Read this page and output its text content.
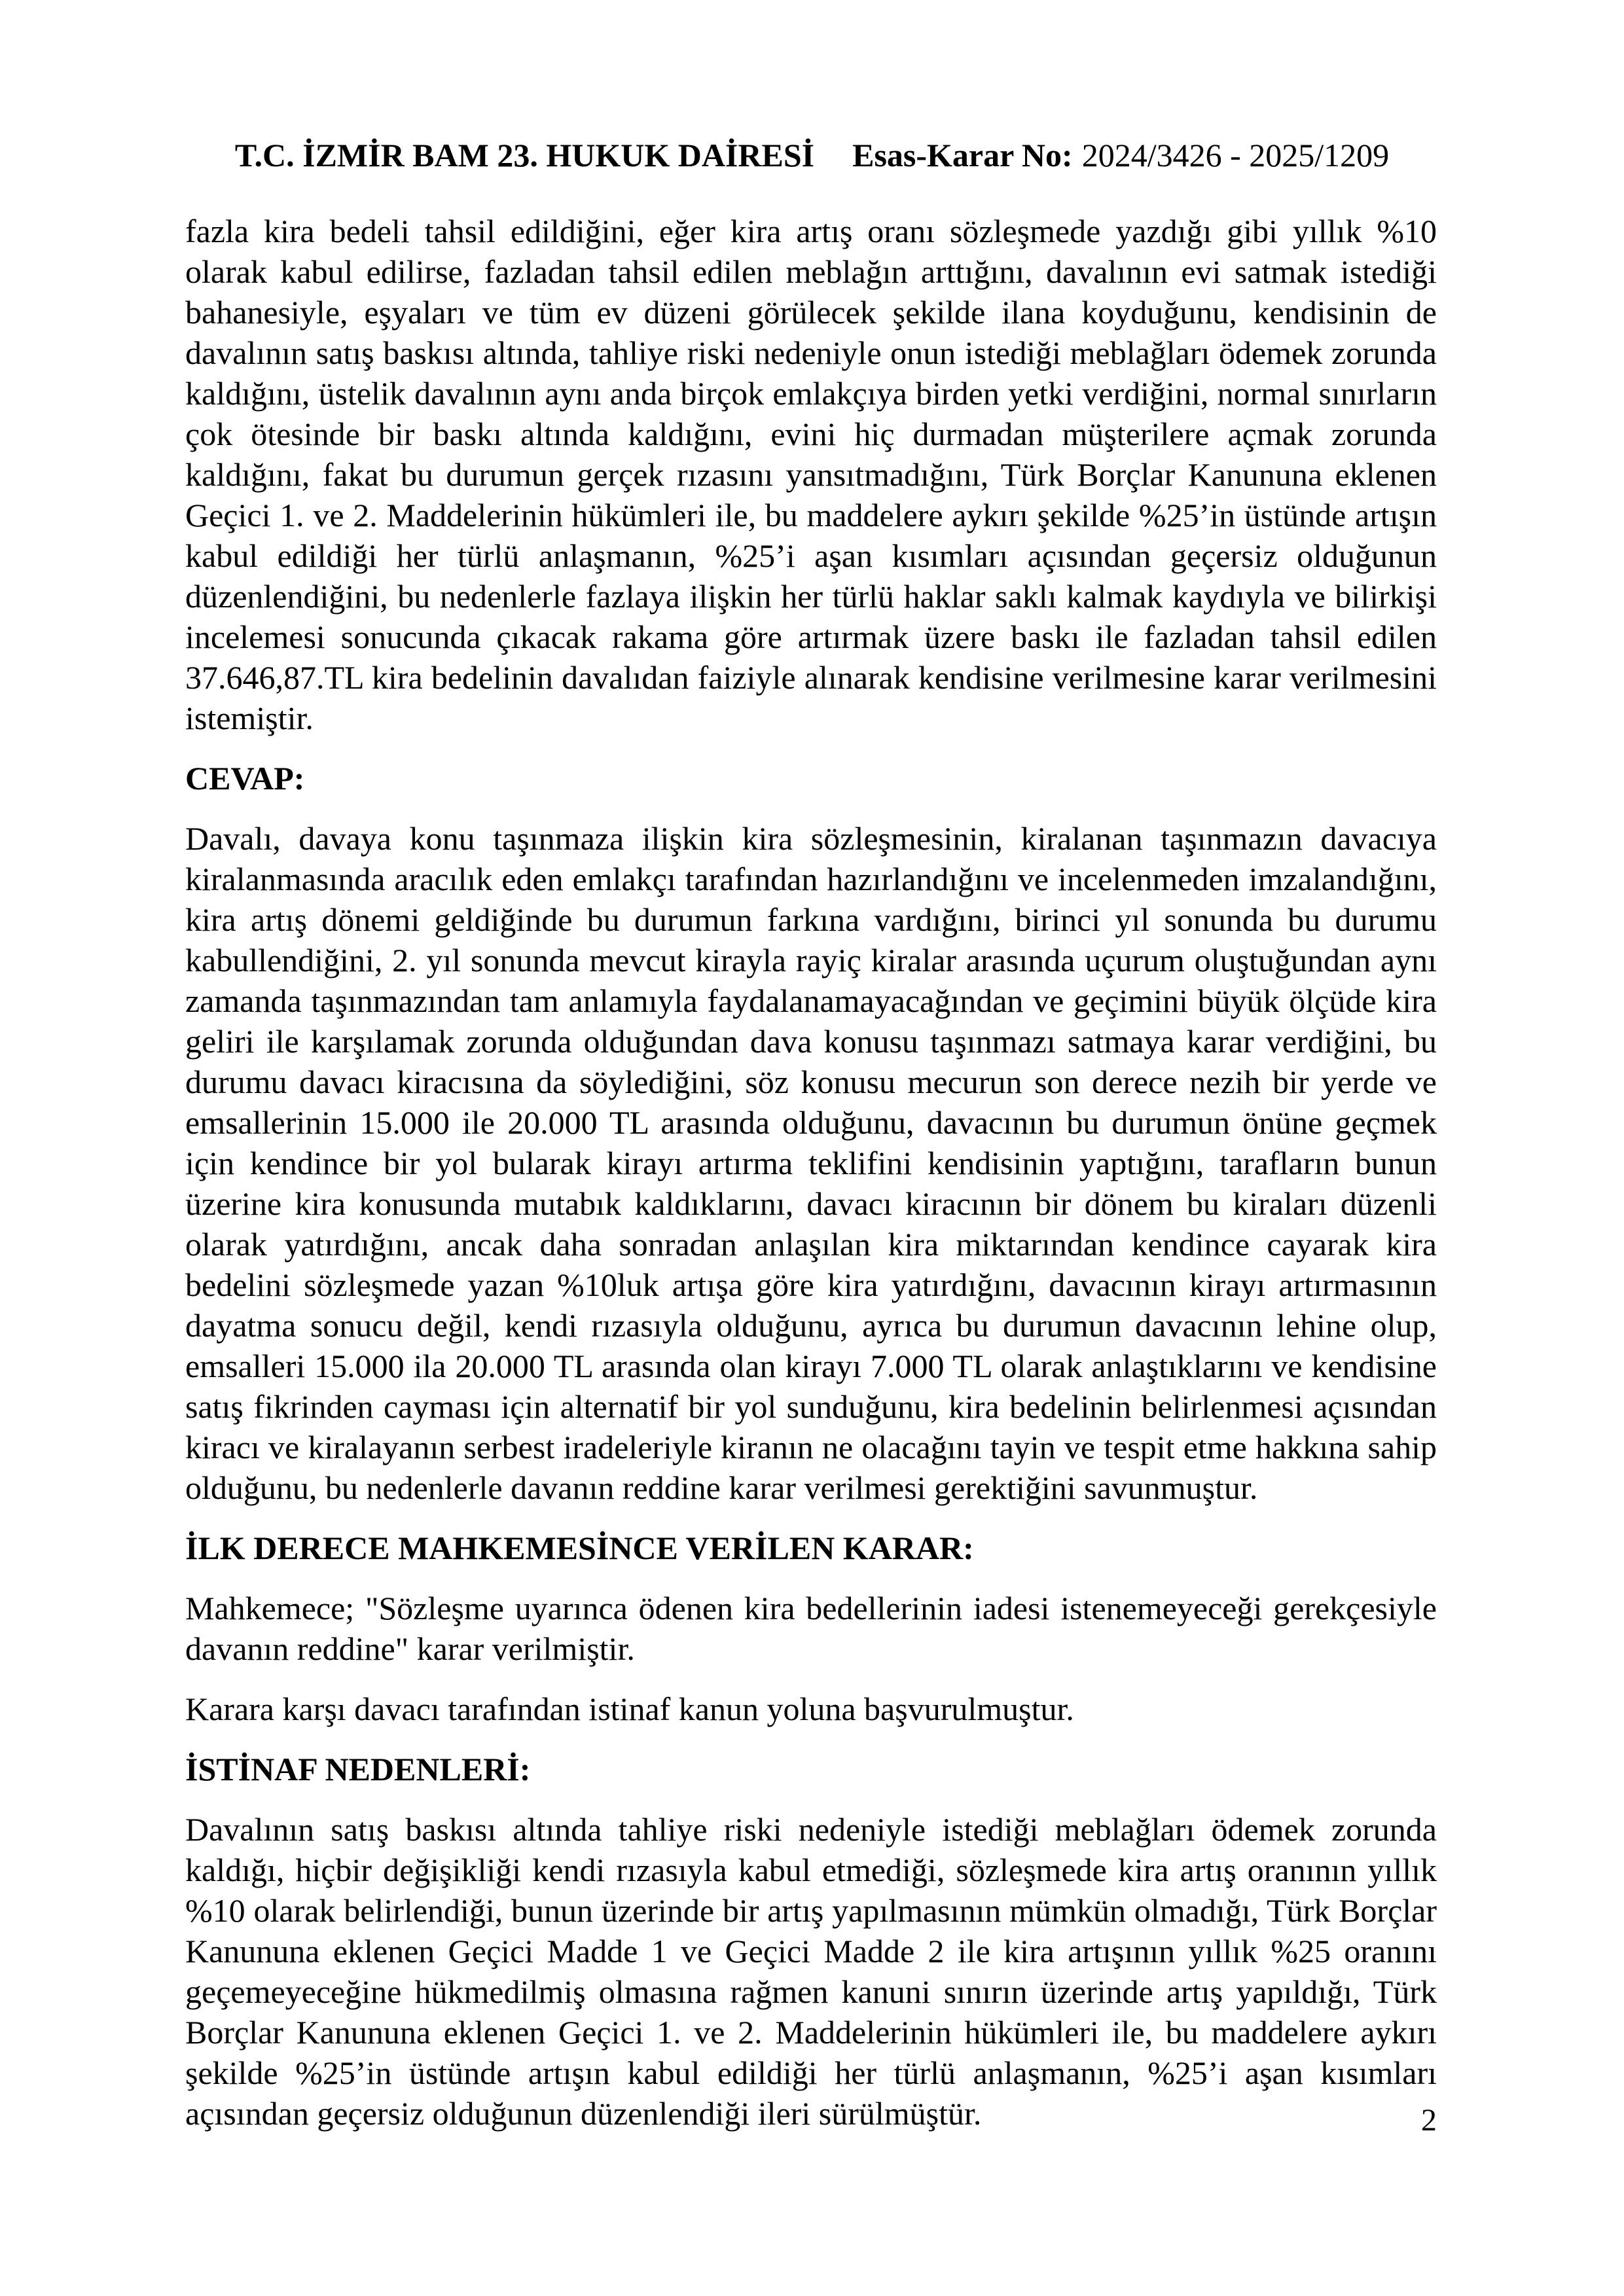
T.C. İZMİR BAM 23. HUKUK DAİRESİ Esas-Karar No: 2024/3426 - 2025/1209

fazla kira bedeli tahsil edildiğini, eğer kira artış oranı sözleşmede yazdığı gibi yıllık %10 olarak kabul edilirse, fazladan tahsil edilen meblağın arttığını, davalının evi satmak istediği bahanesiyle, eşyaları ve tüm ev düzeni görülecek şekilde ilana koyduğunu, kendisinin de davalının satış baskısı altında, tahliye riski nedeniyle onun istediği meblağları ödemek zorunda kaldığını, üstelik davalının aynı anda birçok emlakçıya birden yetki verdiğini, normal sınırların çok ötesinde bir baskı altında kaldığını, evini hiç durmadan müşterilere açmak zorunda kaldığını, fakat bu durumun gerçek rızasını yansıtmadığını, Türk Borçlar Kanununa eklenen Geçici 1. ve 2. Maddelerinin hükümleri ile, bu maddelere aykırı şekilde %25’in üstünde artışın kabul edildiği her türlü anlaşmanın, %25’i aşan kısımları açısından geçersiz olduğunun düzenlendiğini, bu nedenlerle fazlaya ilişkin her türlü haklar saklı kalmak kaydıyla ve bilirkişi incelemesi sonucunda çıkacak rakama göre artırmak üzere baskı ile fazladan tahsil edilen 37.646,87.TL kira bedelinin davalıdan faiziyle alınarak kendisine verilmesine karar verilmesini istemiştir.

CEVAP:

Davalı, davaya konu taşınmaza ilişkin kira sözleşmesinin, kiralanan taşınmazın davacıya kiralanmasında aracılık eden emlakçı tarafından hazırlandığını ve incelenmeden imzalandığını, kira artış dönemi geldiğinde bu durumun farkına vardığını, birinci yıl sonunda bu durumu kabullendiğini, 2. yıl sonunda mevcut kirayla rayiç kiralar arasında uçurum oluştuğundan aynı zamanda taşınmazından tam anlamıyla faydalanamayacağından ve geçimini büyük ölçüde kira geliri ile karşılamak zorunda olduğundan dava konusu taşınmazı satmaya karar verdiğini, bu durumu davacı kiracısına da söylediğini, söz konusu mecurun son derece nezih bir yerde ve emsallerinin 15.000 ile 20.000 TL arasında olduğunu, davacının bu durumun önüne geçmek için kendince bir yol bularak kirayı artırma teklifini kendisinin yaptığını, tarafların bunun üzerine kira konusunda mutabık kaldıklarını, davacı kiracının bir dönem bu kiraları düzenli olarak yatırdığını, ancak daha sonradan anlaşılan kira miktarından kendince cayarak kira bedelini sözleşmede yazan %10luk artışa göre kira yatırdığını, davacının kirayı artırmasının dayatma sonucu değil, kendi rızasıyla olduğunu, ayrıca bu durumun davacının lehine olup, emsalleri 15.000 ila 20.000 TL arasında olan kirayı 7.000 TL olarak anlaştıklarını ve kendisine satış fikrinden cayması için alternatif bir yol sunduğunu, kira bedelinin belirlenmesi açısından kiracı ve kiralayanın serbest iradeleriyle kiranın ne olacağını tayin ve tespit etme hakkına sahip olduğunu, bu nedenlerle davanın reddine karar verilmesi gerektiğini savunmuştur.

İLK DERECE MAHKEMESİNCE VERİLEN KARAR:

Mahkemece; "Sözleşme uyarınca ödenen kira bedellerinin iadesi istenemeyeceği gerekçesiyle davanın reddine" karar verilmiştir.

Karara karşı davacı tarafından istinaf kanun yoluna başvurulmuştur.

İSTİNAF NEDENLERİ:

Davalının satış baskısı altında tahliye riski nedeniyle istediği meblağları ödemek zorunda kaldığı, hiçbir değişikliği kendi rızasıyla kabul etmediği, sözleşmede kira artış oranının yıllık %10 olarak belirlendiği, bunun üzerinde bir artış yapılmasının mümkün olmadığı, Türk Borçlar Kanununa eklenen Geçici Madde 1 ve Geçici Madde 2 ile kira artışının yıllık %25 oranını geçemeyeceğine hükmedilmiş olmasına rağmen kanuni sınırın üzerinde artış yapıldığı, Türk Borçlar Kanununa eklenen Geçici 1. ve 2. Maddelerinin hükümleri ile, bu maddelere aykırı şekilde %25’in üstünde artışın kabul edildiği her türlü anlaşmanın, %25’i aşan kısımları açısından geçersiz olduğunun düzenlendiği ileri sürülmüştür.	2
